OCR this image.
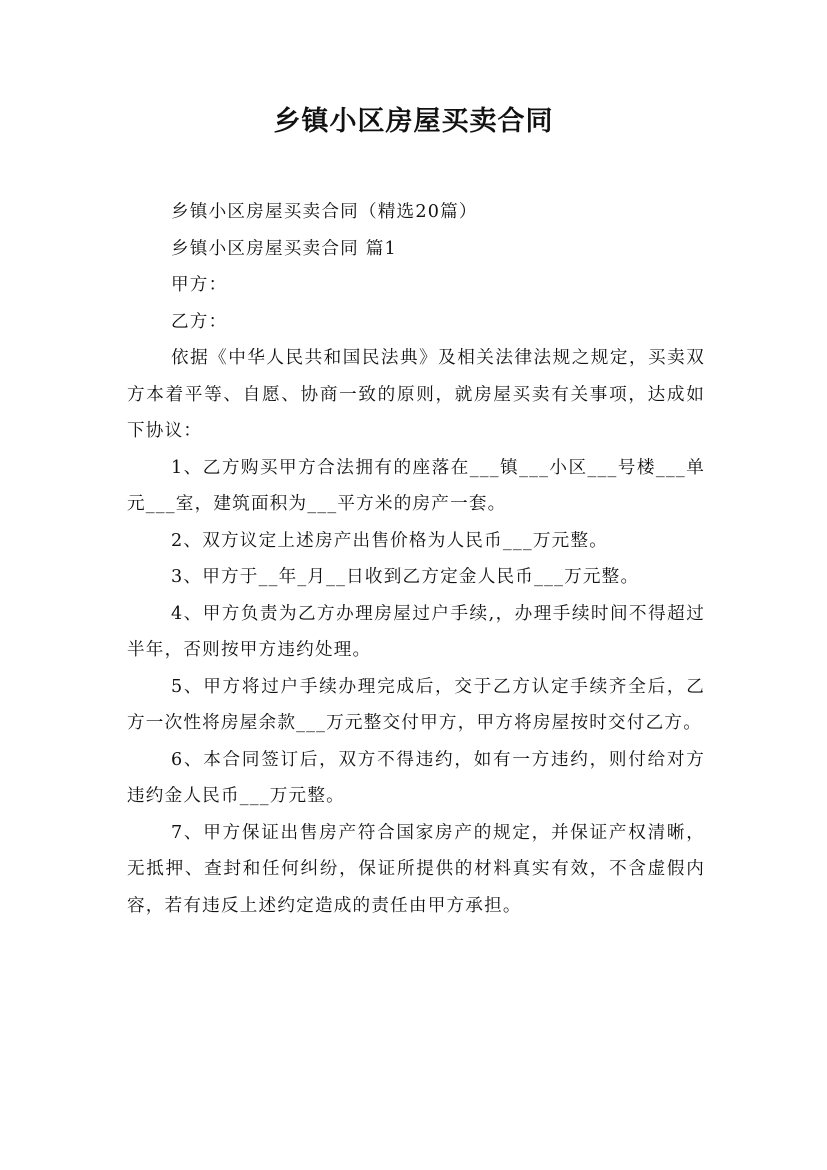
乡镇小区房屋买卖合同

乡镇小区房屋买卖合同（精选20篇）

乡镇小区房屋买卖合同 篇1

甲方：

乙方：

依据《中华人民共和国民法典》及相关法律法规之规定，买卖双方本着平等、自愿、协商一致的原则，就房屋买卖有关事项，达成如下协议：

1、乙方购买甲方合法拥有的座落在___镇___小区___号楼___单元___室，建筑面积为___平方米的房产一套。

2、双方议定上述房产出售价格为人民币___万元整。

3、甲方于__年_月__日收到乙方定金人民币___万元整。

4、甲方负责为乙方办理房屋过户手续,，办理手续时间不得超过半年，否则按甲方违约处理。

5、甲方将过户手续办理完成后，交于乙方认定手续齐全后，乙方一次性将房屋余款___万元整交付甲方，甲方将房屋按时交付乙方。

6、本合同签订后，双方不得违约，如有一方违约，则付给对方违约金人民币___万元整。

7、甲方保证出售房产符合国家房产的规定，并保证产权清晰，无抵押、查封和任何纠纷，保证所提供的材料真实有效，不含虚假内容，若有违反上述约定造成的责任由甲方承担。
